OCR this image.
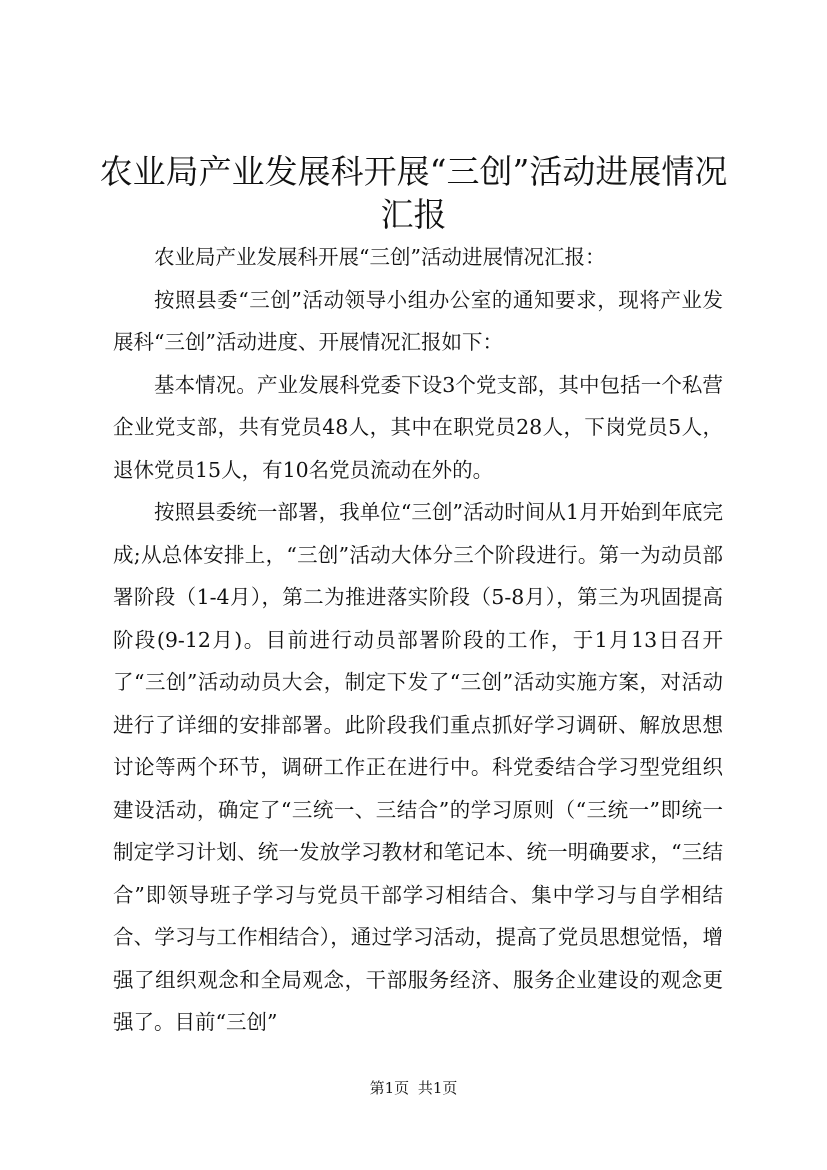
农业局产业发展科开展“三创”活动进展情况
汇报

农业局产业发展科开展“三创”活动进展情况汇报：

按照县委“三创”活动领导小组办公室的通知要求，现将产业发展科“三创”活动进度、开展情况汇报如下：

基本情况。产业发展科党委下设3个党支部，其中包括一个私营企业党支部，共有党员48人，其中在职党员28人，下岗党员5人，退休党员15人，有10名党员流动在外的。

按照县委统一部署，我单位“三创”活动时间从1月开始到年底完成;从总体安排上，“三创”活动大体分三个阶段进行。第一为动员部署阶段（1-4月），第二为推进落实阶段（5-8月），第三为巩固提高阶段(9-12月)。目前进行动员部署阶段的工作，于1月13日召开了“三创”活动动员大会，制定下发了“三创”活动实施方案，对活动进行了详细的安排部署。此阶段我们重点抓好学习调研、解放思想讨论等两个环节，调研工作正在进行中。科党委结合学习型党组织建设活动，确定了“三统一、三结合”的学习原则（“三统一”即统一制定学习计划、统一发放学习教材和笔记本、统一明确要求，“三结合”即领导班子学习与党员干部学习相结合、集中学习与自学相结合、学习与工作相结合），通过学习活动，提高了党员思想觉悟，增强了组织观念和全局观念，干部服务经济、服务企业建设的观念更强了。目前“三创”

第1页 共1页
